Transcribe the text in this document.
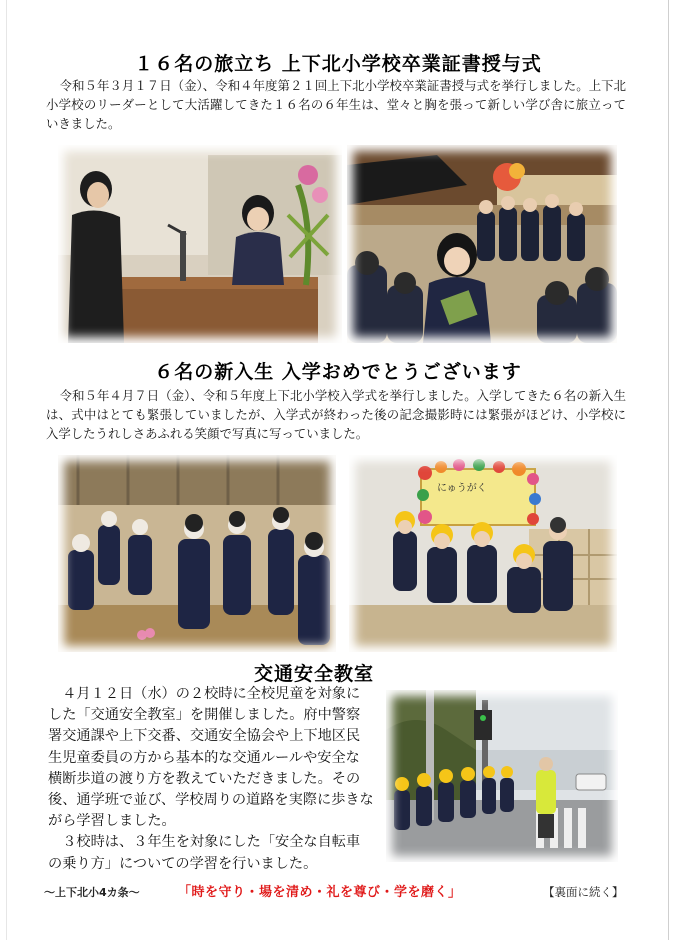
１６名の旅立ち 上下北小学校卒業証書授与式

令和５年３月１７日（金）、令和４年度第２１回上下北小学校卒業証書授与式を挙行しました。上下北小学校のリーダーとして大活躍してきた１６名の６年生は、堂々と胸を張って新しい学び舎に旅立っていきました。

６名の新入生 入学おめでとうございます

令和５年４月７日（金）、令和５年度上下北小学校入学式を挙行しました。入学してきた６名の新入生は、式中はとても緊張していましたが、入学式が終わった後の記念撮影時には緊張がほどけ、小学校に入学したうれしさあふれる笑顔で写真に写っていました。

にゅうがく
交通安全教室

４月１２日（水）の２校時に全校児童を対象にした「交通安全教室」を開催しました。府中警察署交通課や上下交番、交通安全協会や上下地区民生児童委員の方から基本的な交通ルールや安全な横断歩道の渡り方を教えていただきました。その後、通学班で並び、学校周りの道路を実際に歩きながら学習しました。

３校時は、３年生を対象にした「安全な自転車の乗り方」についての学習を行いました。

～上下北小4カ条～	「時を守り・場を清め・礼を尊び・学を磨く」	【裏面に続く】
